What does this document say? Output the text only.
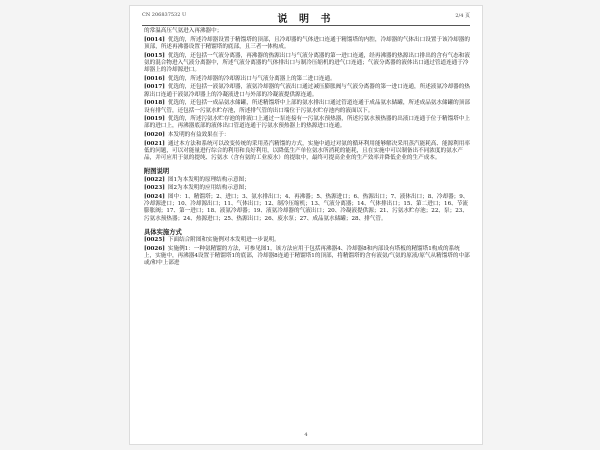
CN 206837532 U	说 明 书	2/4 页

的常温高压气氨进入再沸器中；

[0014] 优选的，所述冷却器设置于精馏塔的顶部，且冷却器的气体进口连通于精馏塔的内腔，冷却器的气体出口设置于该冷却器的顶部，所述再沸器设置于精馏塔的底部，且三者一体构成。

[0015] 优选的，还包括一气液分离器，再沸器的热源出口与气液分离器的第一进口连通，经再沸器的热源出口排出的含有气态和液氨的混合物进入气液分离器中，所述气液分离器的气体排出口与制冷压缩机的进气口连通；气液分离器的液体出口通过管道连通于冷却器上的冷却源进口。

[0016] 优选的，所述冷却器的冷却源出口与气液分离器上的第二进口连通。

[0017] 优选的，还包括一液氨冷却器，液氨冷却器的气液出口通过减压膨胀阀与气液分离器的第一进口连通，所述液氨冷却器的热源出口连通于液氨冷却器上的冷凝液进口与外部的冷凝液提供源连通。

[0018] 优选的，还包括一成品氨水储罐，所述精馏塔中上部的氨水排出口通过管道连通于成品氨水储罐，所述成品氨水储罐的顶部设有排气管，还包括一污氨水贮存池，所述排气管的出口端位于污氨水贮存池内的液面以下。

[0019] 优选的，所述污氨水贮存池的排液口上通过一泵连接有一污氨水预热器，所述污氨水预热器的出液口连通于位于精馏塔中上部的进口上，再沸器底部的液体出口管道连通于污氨水预热器上的热源进口连通。

[0020] 本发明的有益效果在于：

[0021] 通过本方法和系统可以改变传统的采用蒸汽精馏的方式，实施中通过对氨的循环利用能够解决采用蒸汽能耗高、能源利用率低的问题，可以对能量进行综合的利用和良好利用，以降低生产单位氨水所消耗的能耗，且在实施中可以制备出不同浓度的氨水产品，并可应用于氨的提纯、污氨水（含有氨的工业废水）的提取中，最终可提高企业的生产效率并降低企业的生产成本。

附图说明

[0022] 图1为本发明的原理结构示意图；

[0023] 图2为本发明的应用结构示意图；

[0024] 图中：1、精馏塔；2、进口；3、氨水排出口；4、再沸器；5、热源进口；6、热源出口；7、液体出口；8、冷却器；9、冷却源进口；10、冷却源出口；11、气体出口；12、制冷压缩机；13、气液分离器；14、气体排出口；15、第二进口；16、节流膨胀阀；17、第一进口；18、液氨冷却器；19、液氨冷却器的气液出口；20、冷凝液提供源；21、污氨水贮存池；22、泵；23、污氨水预热器；24、热源进口；25、热源出口；26、废水泵；27、成品氨水储罐；28、排气管。

具体实施方式

[0025] 下面结合附图和实施例对本发明进一步说明。

[0026] 实施例1：一种氨精馏的方法，可参见图1，该方法应用于包括再沸器4、冷却器8和内部设有塔板的精馏塔1构成的系统上，实施中，再沸器4设置于精馏塔1的底部，冷却器8连通于精馏塔1的顶部，将精馏塔的含有液氨/气氨的原液/原气从精馏塔的中部或/和中上部进

4
